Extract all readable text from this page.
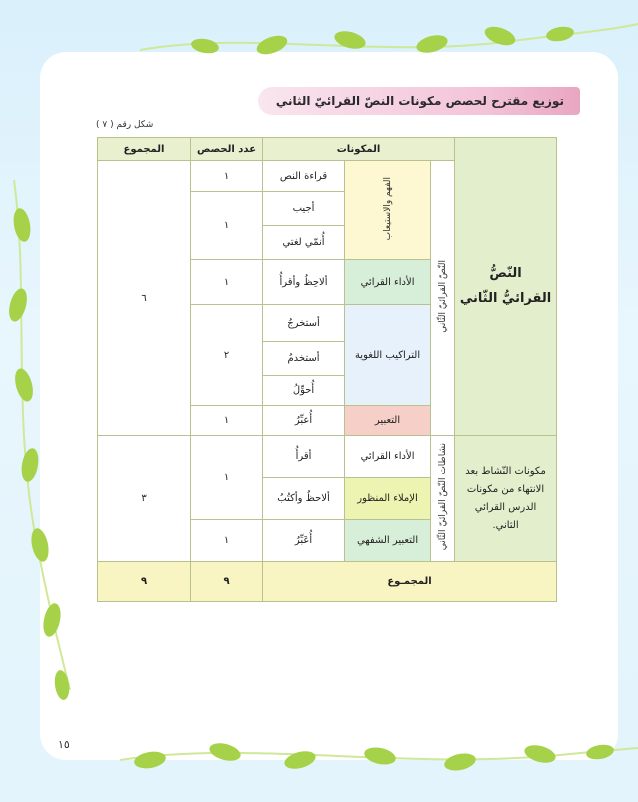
توزيع مقترح لحصص مكونات النصّ القرائيّ الثاني
شكل رقم ( ٧ )
النّصُّ
القرائيُّ الثّاني	المكونات			عدد الحصص	المجموع
	النّصّ القرائيّ الثّاني	الفهم والاستيعاب	قراءة النص	١	٦
			أجيب	١	
			أُنمّي لغتي		
		الأداء القرائي	ألاحِظُ وأقرأُ	١	
		التراكيب اللغوية	أستخرجُ	٢	
			أستخدمُ		
			أُحوِّلُ		
		التعبير	أُعبِّرُ	١	

مكونات النّشاط بعد الانتهاء من مكونات الدرس القرائي الثاني.	نشاطات النّصّ القرائيّ الثّاني	الأداء القرائي	أقرأُ	١	٣
		الإملاء المنظور	ألاحظُ وأكتُبُ		
		التعبير الشفهي	أُعَبِّرُ	١	
المجمـوع				٩	٩
١٥
